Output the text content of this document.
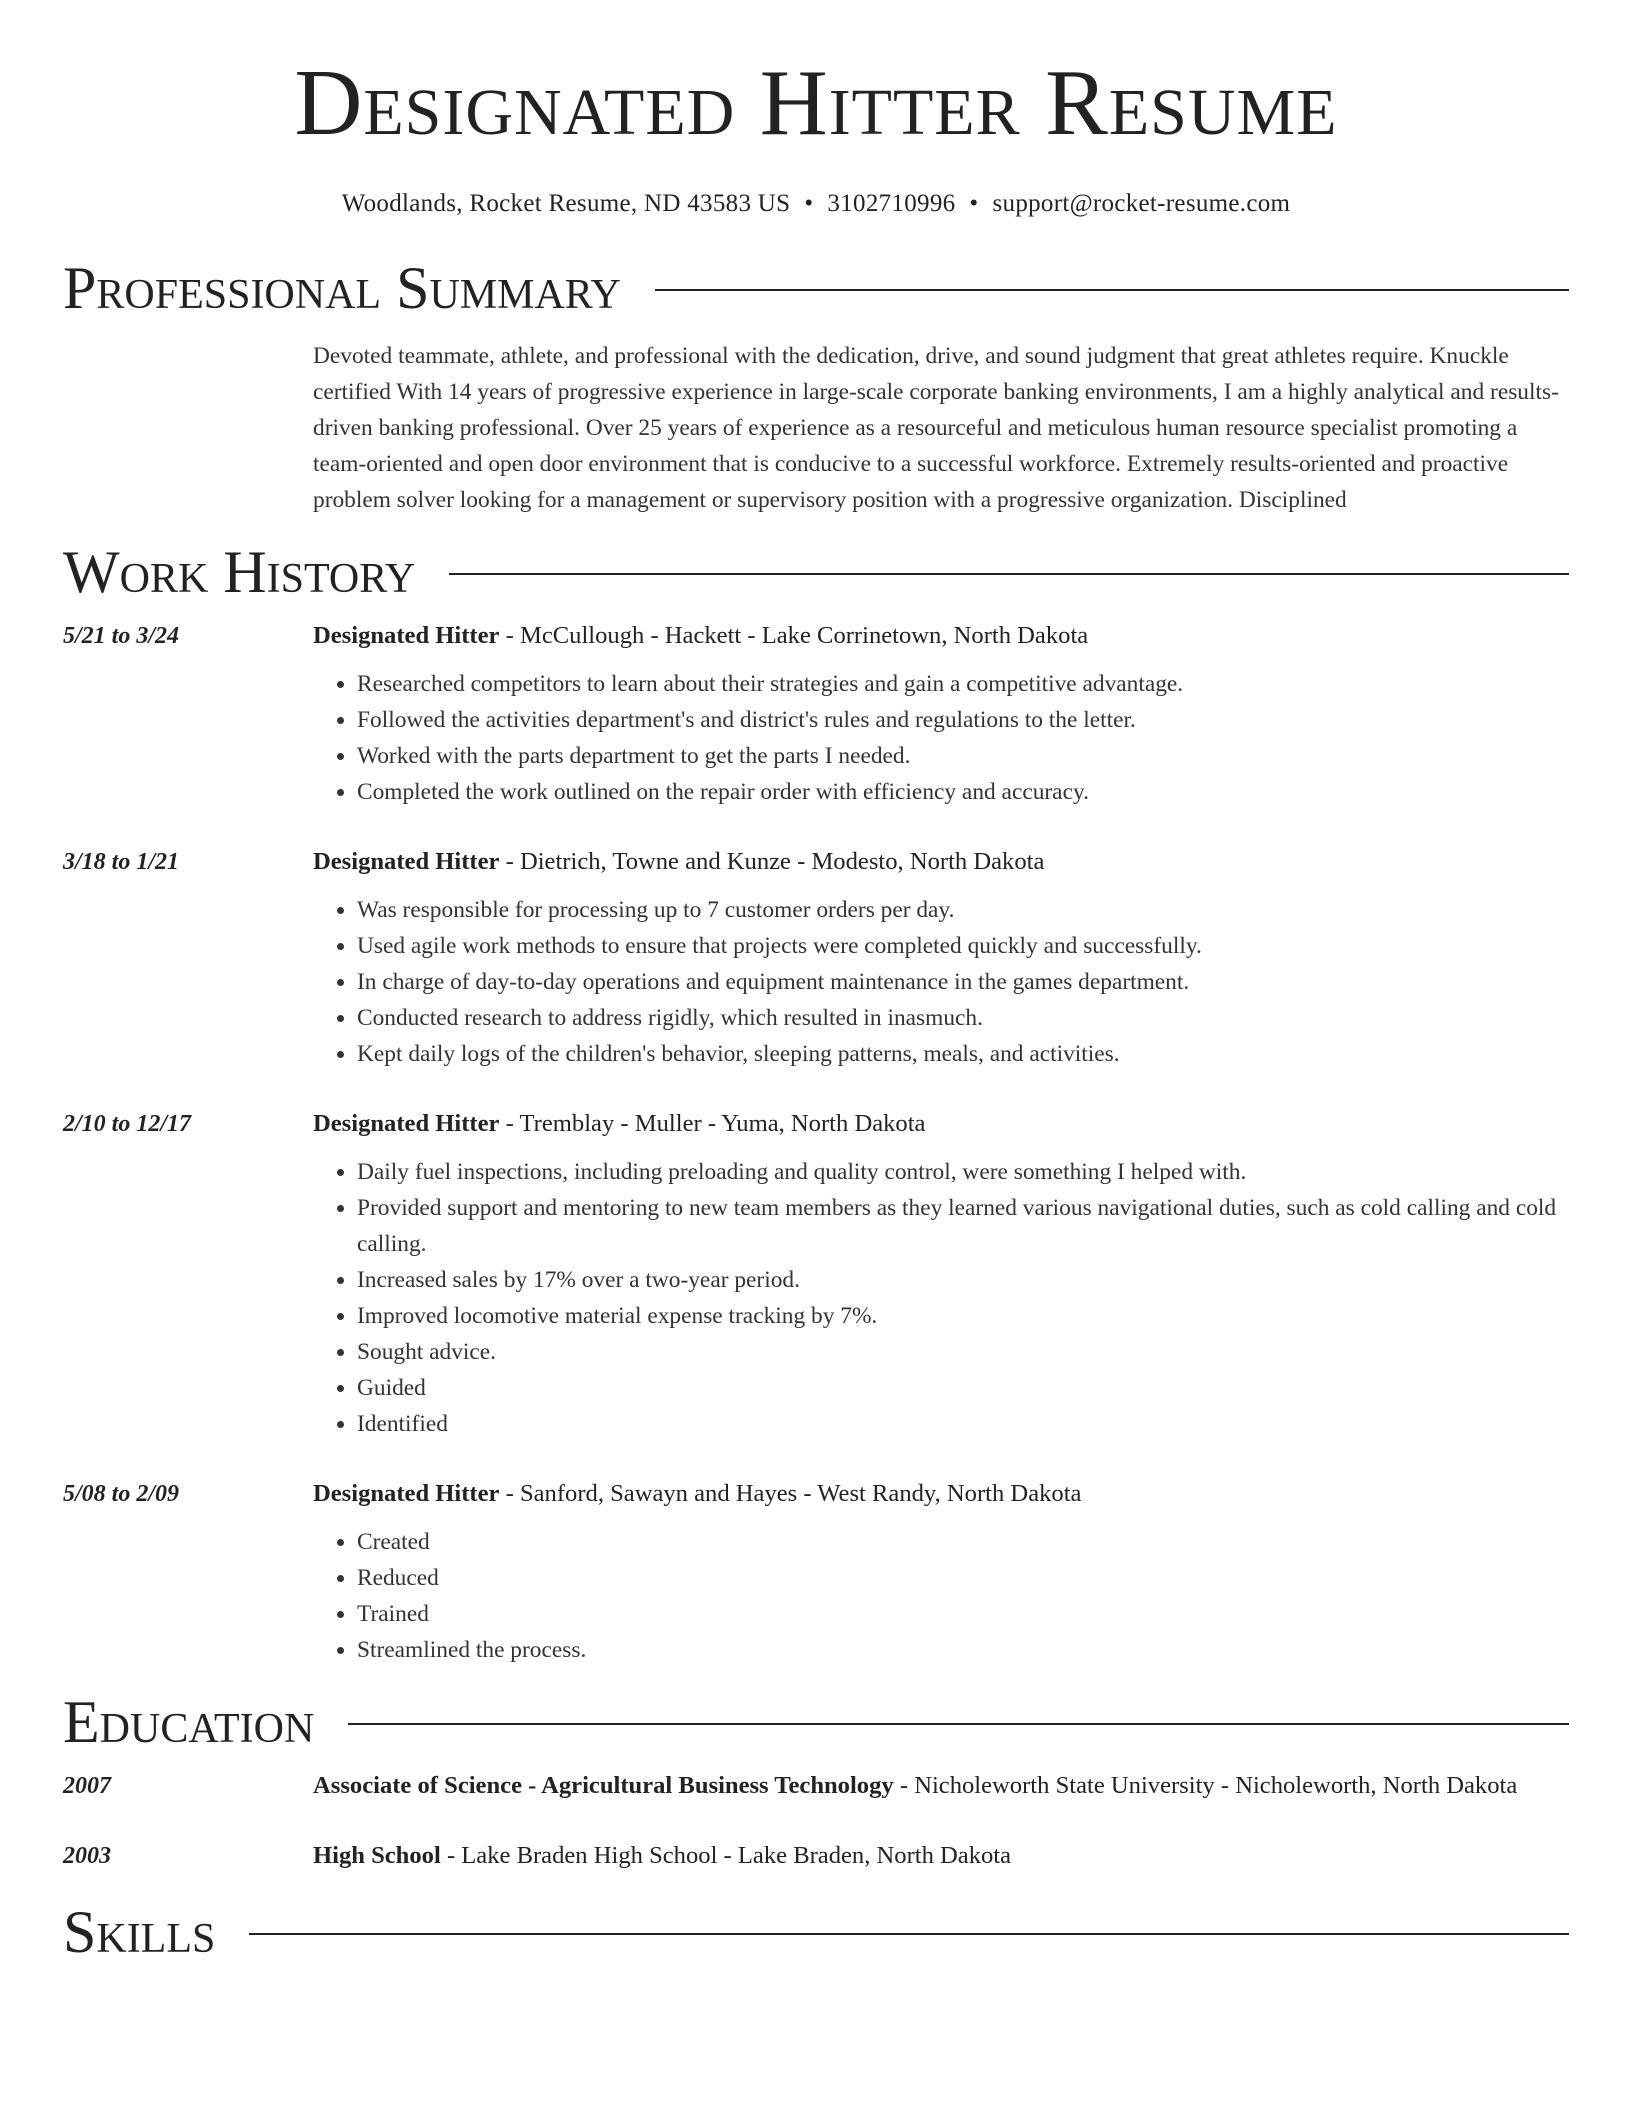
Designated Hitter Resume
Woodlands, Rocket Resume, ND 43583 US • 3102710996 • support@rocket-resume.com
Professional Summary
Devoted teammate, athlete, and professional with the dedication, drive, and sound judgment that great athletes require. Knuckle certified With 14 years of progressive experience in large-scale corporate banking environments, I am a highly analytical and results-driven banking professional. Over 25 years of experience as a resourceful and meticulous human resource specialist promoting a team-oriented and open door environment that is conducive to a successful workforce. Extremely results-oriented and proactive problem solver looking for a management or supervisory position with a progressive organization. Disciplined
Work History
5/21 to 3/24	Designated Hitter - McCullough - Hackett - Lake Corrinetown, North Dakota
• Researched competitors to learn about their strategies and gain a competitive advantage.
• Followed the activities department's and district's rules and regulations to the letter.
• Worked with the parts department to get the parts I needed.
• Completed the work outlined on the repair order with efficiency and accuracy.
3/18 to 1/21	Designated Hitter - Dietrich, Towne and Kunze - Modesto, North Dakota
• Was responsible for processing up to 7 customer orders per day.
• Used agile work methods to ensure that projects were completed quickly and successfully.
• In charge of day-to-day operations and equipment maintenance in the games department.
• Conducted research to address rigidly, which resulted in inasmuch.
• Kept daily logs of the children's behavior, sleeping patterns, meals, and activities.
2/10 to 12/17	Designated Hitter - Tremblay - Muller - Yuma, North Dakota
• Daily fuel inspections, including preloading and quality control, were something I helped with.
• Provided support and mentoring to new team members as they learned various navigational duties, such as cold calling and cold calling.
• Increased sales by 17% over a two-year period.
• Improved locomotive material expense tracking by 7%.
• Sought advice.
• Guided
• Identified
5/08 to 2/09	Designated Hitter - Sanford, Sawayn and Hayes - West Randy, North Dakota
• Created
• Reduced
• Trained
• Streamlined the process.
Education
2007	Associate of Science - Agricultural Business Technology - Nicholeworth State University - Nicholeworth, North Dakota
2003	High School - Lake Braden High School - Lake Braden, North Dakota
Skills
